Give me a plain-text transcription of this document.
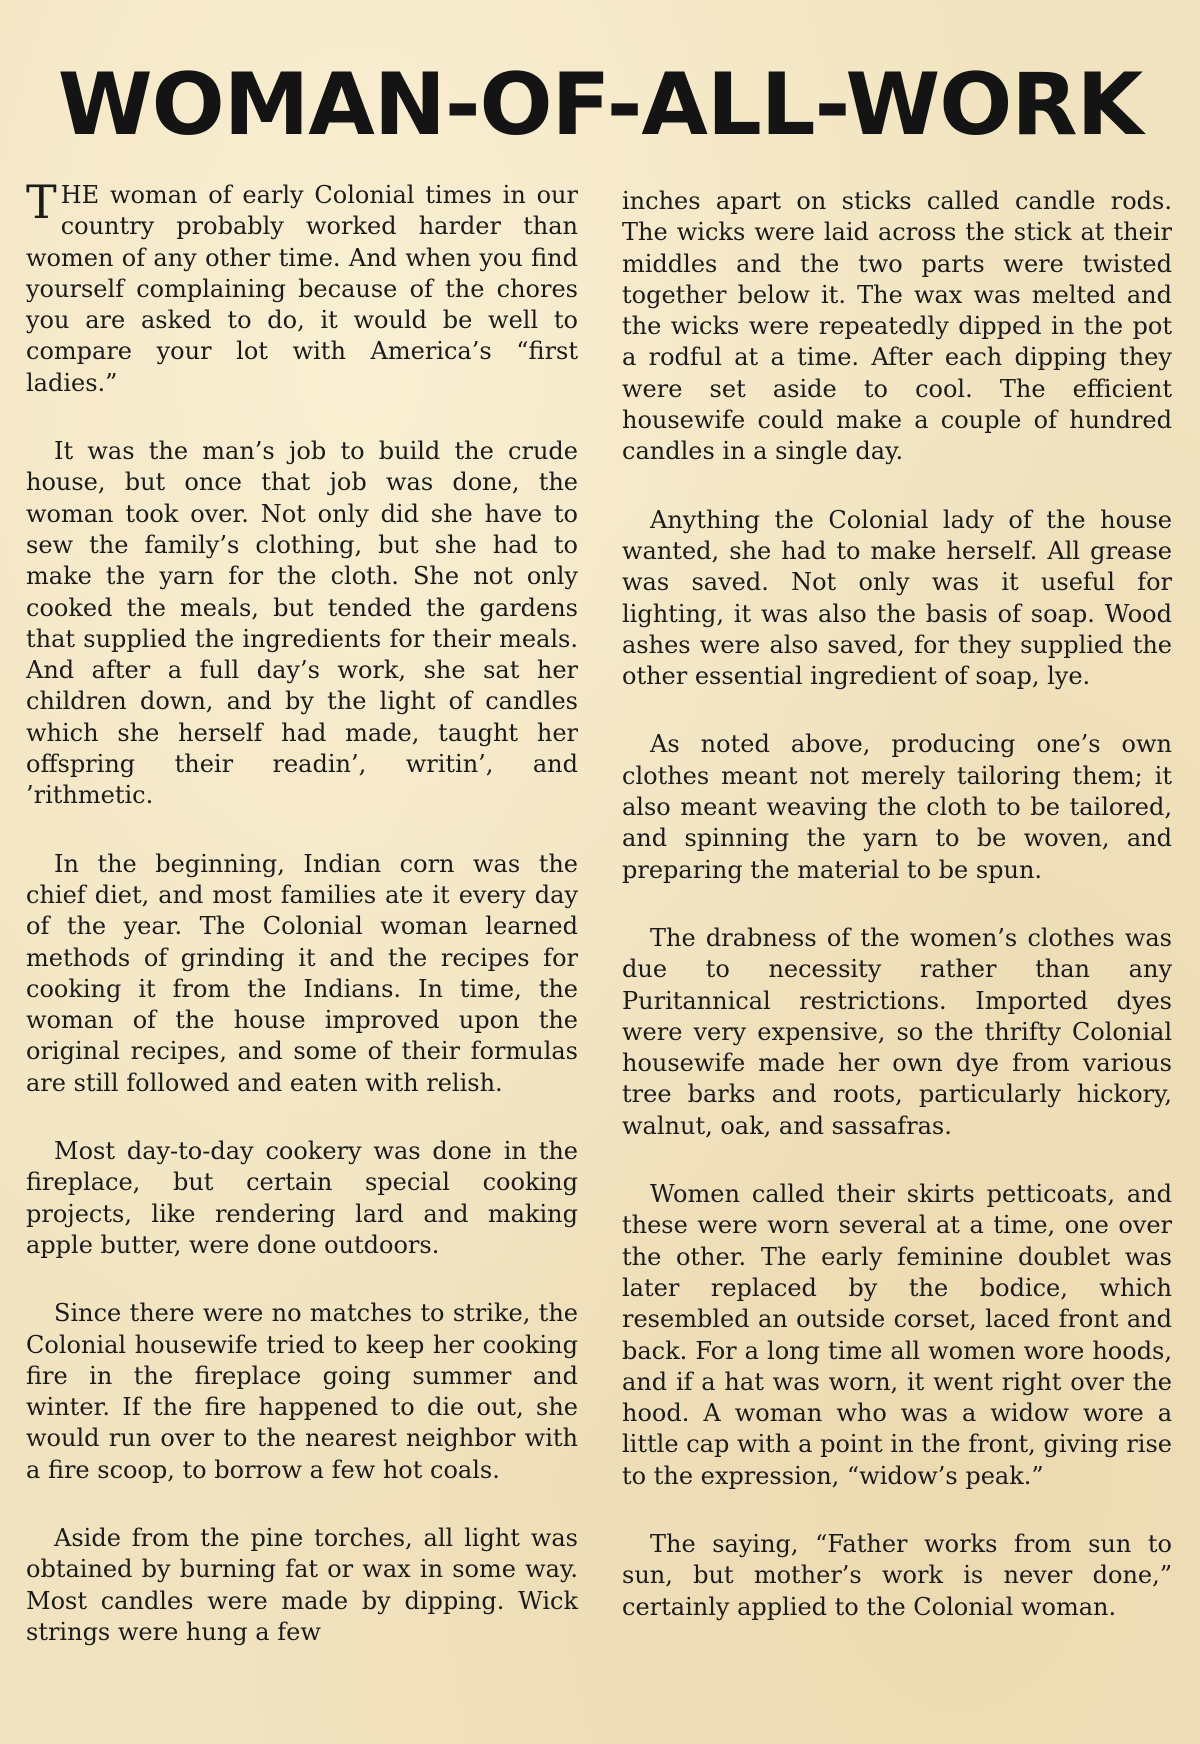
WOMAN-OF-ALL-WORK

THE woman of early Colonial times in our country probably worked harder than women of any other time. And when you find yourself complaining because of the chores you are asked to do, it would be well to compare your lot with America’s “first ladies.”

It was the man’s job to build the crude house, but once that job was done, the woman took over. Not only did she have to sew the family’s clothing, but she had to make the yarn for the cloth. She not only cooked the meals, but tended the gardens that supplied the ingredients for their meals. And after a full day’s work, she sat her children down, and by the light of candles which she herself had made, taught her offspring their readin’, writin’, and ’rithmetic.

In the beginning, Indian corn was the chief diet, and most families ate it every day of the year. The Colonial woman learned methods of grinding it and the recipes for cooking it from the Indians. In time, the woman of the house improved upon the original recipes, and some of their formulas are still followed and eaten with relish.

Most day-to-day cookery was done in the fireplace, but certain special cooking projects, like rendering lard and making apple butter, were done outdoors.

Since there were no matches to strike, the Colonial housewife tried to keep her cooking fire in the fireplace going summer and winter. If the fire happened to die out, she would run over to the nearest neighbor with a fire scoop, to borrow a few hot coals.

Aside from the pine torches, all light was obtained by burning fat or wax in some way. Most candles were made by dipping. Wick strings were hung a few

inches apart on sticks called candle rods. The wicks were laid across the stick at their middles and the two parts were twisted together below it. The wax was melted and the wicks were repeatedly dipped in the pot a rodful at a time. After each dipping they were set aside to cool. The efficient housewife could make a couple of hundred candles in a single day.

Anything the Colonial lady of the house wanted, she had to make herself. All grease was saved. Not only was it useful for lighting, it was also the basis of soap. Wood ashes were also saved, for they supplied the other essential ingredient of soap, lye.

As noted above, producing one’s own clothes meant not merely tailoring them; it also meant weaving the cloth to be tailored, and spinning the yarn to be woven, and preparing the material to be spun.

The drabness of the women’s clothes was due to necessity rather than any Puritannical restrictions. Imported dyes were very expensive, so the thrifty Colonial housewife made her own dye from various tree barks and roots, particularly hickory, walnut, oak, and sassafras.

Women called their skirts petticoats, and these were worn several at a time, one over the other. The early feminine doublet was later replaced by the bodice, which resembled an outside corset, laced front and back. For a long time all women wore hoods, and if a hat was worn, it went right over the hood. A woman who was a widow wore a little cap with a point in the front, giving rise to the expression, “widow’s peak.”

The saying, “Father works from sun to sun, but mother’s work is never done,” certainly applied to the Colonial woman.
